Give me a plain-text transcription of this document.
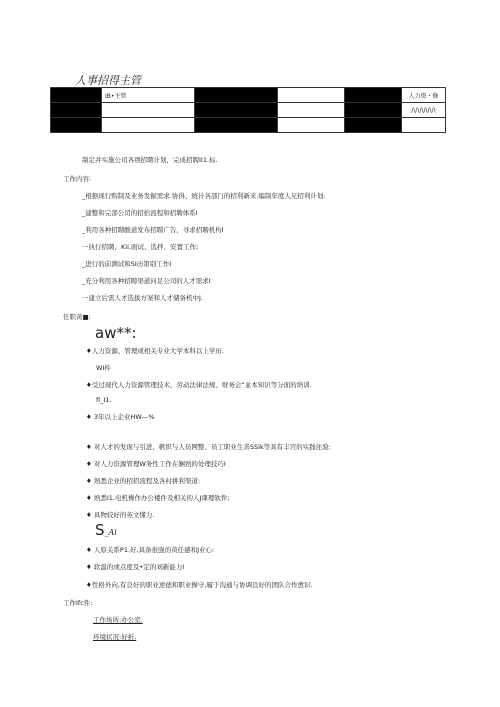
人事招得主管
	IB•主管				人力资・修
					/\/\/\/\/\/\

制定并实施公司各项招聘计划，完成招聘II1.标.
工作内容:
_根据现行购制及业务发掘需求.协得、统计各部门的招利新来.编制年度人兄招利计划:
_建整和完部公司的招拾流程和招聘体系I
_利用各种招聘酸道发布招聘广告、寻求招聘机构I
一执行招聘、Kii.面试、选拌、安置工作;
_进行的前测试和SI历第别工作I
_充分利用各种招聘渠道问足公司的人才需求I
一建立后需人才选拔方案和人才储备机中J.
任职黄■:
aw**:
♦人力资源、管理或相关专业大学本科以上学历.
WI杵
♦受过现代人力资源管理技术、劳动法律法规、财务会“並本知识等分面的培训.
fi_I1.
♦ 3年以上企业HW—%
♦ 对人才的发现与引进、帆织与人员网整、员工职业生善SSik等具有丰宫的实践住验:
♦ 对人力资源管理W务性工作在娴熟的处理技巧I
♦ 熟悉企业的招招流程及各村拼利渠道:
♦ 熟悉I1.电机操作办公楼件及相关的人J课理软件;
♦ 具物较好的英文懂力.
S_Ai
♦ 人原关系P1.好,具备很强的黄任感和J业心:
♦ 软温的或点度及•定的刘新能力I
♦性格外向,有良好的职业逆德和职业操守,履于沟通与协调良好的团队合作愈识.
工作Ifc件:
工作场所:办公室.
环境状况:好折.
